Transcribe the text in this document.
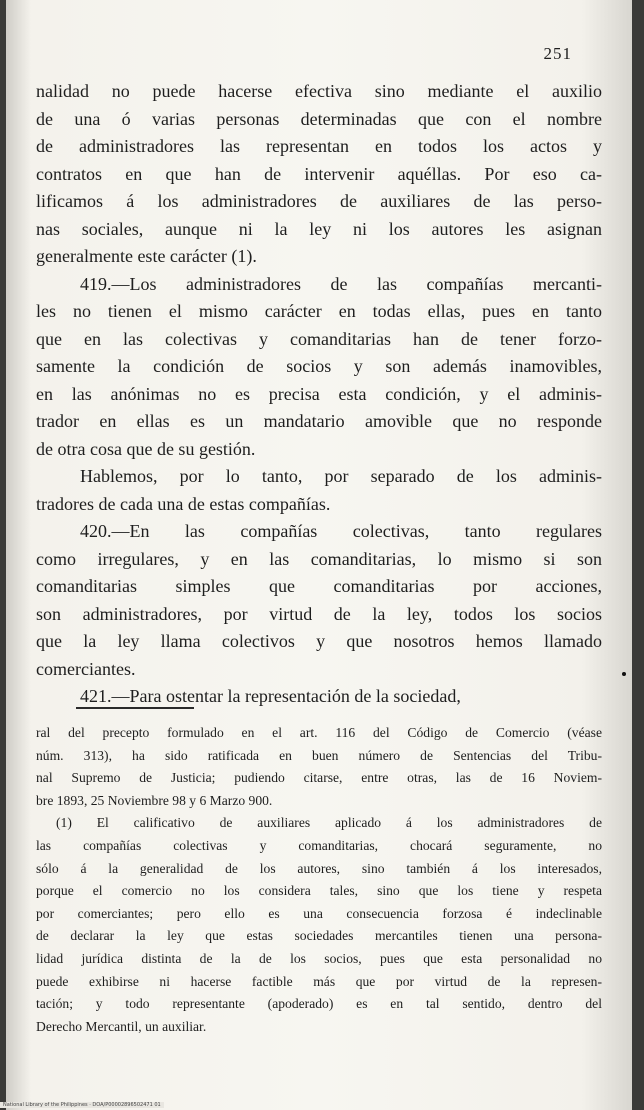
251
nalidad no puede hacerse efectiva sino mediante el auxilio
de una ó varias personas determinadas que con el nombre
de administradores las representan en todos los actos y
contratos en que han de intervenir aquéllas. Por eso ca-
lificamos á los administradores de auxiliares de las perso-
nas sociales, aunque ni la ley ni los autores les asignan
generalmente este carácter (1).
419.—Los administradores de las compañías mercanti-
les no tienen el mismo carácter en todas ellas, pues en tanto
que en las colectivas y comanditarias han de tener forzo-
samente la condición de socios y son además inamovibles,
en las anónimas no es precisa esta condición, y el adminis-
trador en ellas es un mandatario amovible que no responde
de otra cosa que de su gestión.
Hablemos, por lo tanto, por separado de los adminis-
tradores de cada una de estas compañías.
420.—En las compañías colectivas, tanto regulares
como irregulares, y en las comanditarias, lo mismo si son
comanditarias simples que comanditarias por acciones,
son administradores, por virtud de la ley, todos los socios
que la ley llama colectivos y que nosotros hemos llamado
comerciantes.
421.—Para ostentar la representación de la sociedad,
ral del precepto formulado en el art. 116 del Código de Comercio (véase
núm. 313), ha sido ratificada en buen número de Sentencias del Tribu-
nal Supremo de Justicia; pudiendo citarse, entre otras, las de 16 Noviem-
bre 1893, 25 Noviembre 98 y 6 Marzo 900.
(1) El calificativo de auxiliares aplicado á los administradores de
las compañías colectivas y comanditarias, chocará seguramente, no
sólo á la generalidad de los autores, sino también á los interesados,
porque el comercio no los considera tales, sino que los tiene y respeta
por comerciantes; pero ello es una consecuencia forzosa é indeclinable
de declarar la ley que estas sociedades mercantiles tienen una persona-
lidad jurídica distinta de la de los socios, pues que esta personalidad no
puede exhibirse ni hacerse factible más que por virtud de la represen-
tación; y todo representante (apoderado) es en tal sentido, dentro del
Derecho Mercantil, un auxiliar.
National Library of the Philippines · DOA/P00002896502471 01
